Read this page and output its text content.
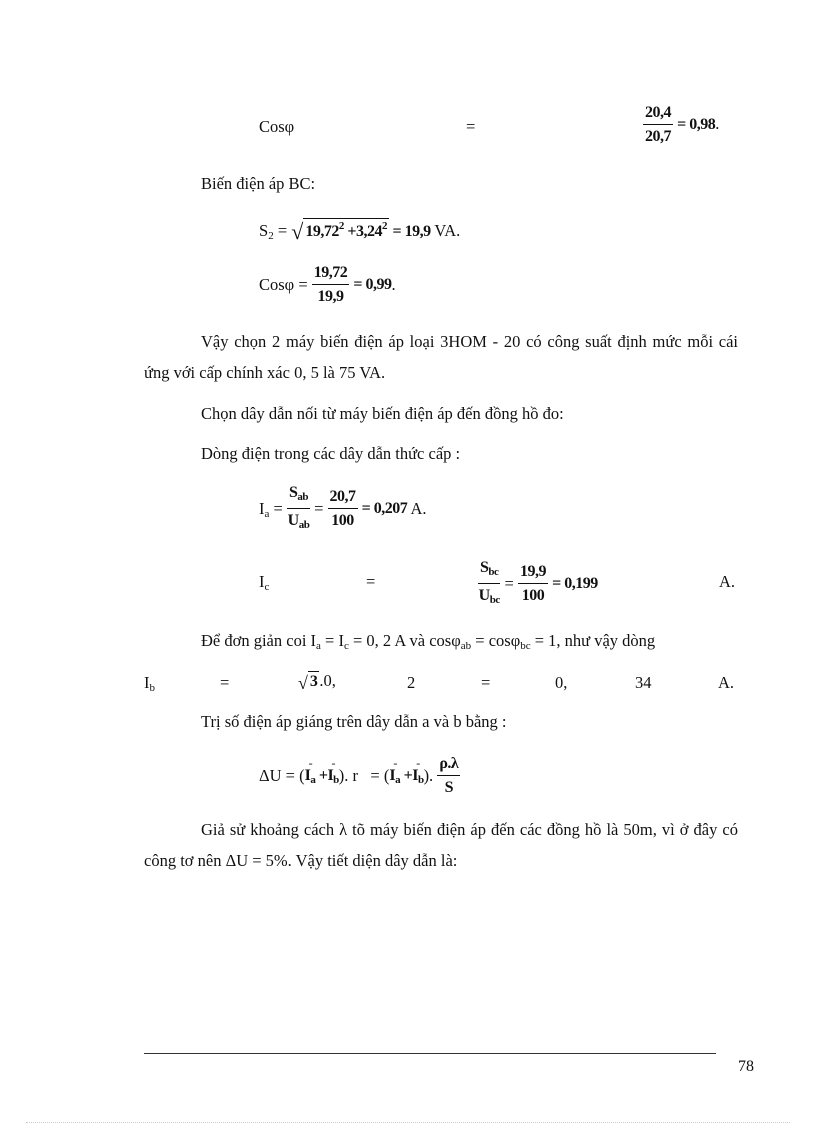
Cosφ	=	$\frac{20,4}{20,7} = 0,98$.
Biến điện áp BC:
$S_2$ = √ $19,72^2 +3,24^2 = 19,9$ VA.
$Cos\varphi = \frac{19,72}{19,9} = 0,99$.
Vậy chọn 2 máy biến điện áp loại 3HOM - 20 có công suất định mức mỗi cái ứng với cấp chính xác 0, 5 là 75 VA.
Chọn dây dẫn nối từ máy biến điện áp đến đồng hồ đo:
Dòng điện trong các dây dẫn thức cấp :
$I_a = \frac{S_{ab}}{U_{ab}} = \frac{20,7}{100} = 0,207$ A.
$I_c$	=	$\frac{S_{bc}}{U_{bc}} = \frac{19,9}{100} = 0,199$	A.
Để đơn giản coi $I_a = I_c = 0$, 2 A và cosφ$_{ab}$ = cosφ$_{bc}$ = 1, như vậy dòng
$I_b$	=	√ 3 .0,	2	=	0,	34	A.
Trị số điện áp giáng trên dây dẫn a và b bằng :
ΔU = (- $I_a +- I_b$). r   = (- $I_a +- I_b$). $\frac{\rho.\lambda}{S}$
Giả sử khoảng cách λ tõ máy biến điện áp đến các đồng hồ là 50m, vì ở đây có công tơ nên ΔU = 5%. Vậy tiết diện dây dẫn là:
78
